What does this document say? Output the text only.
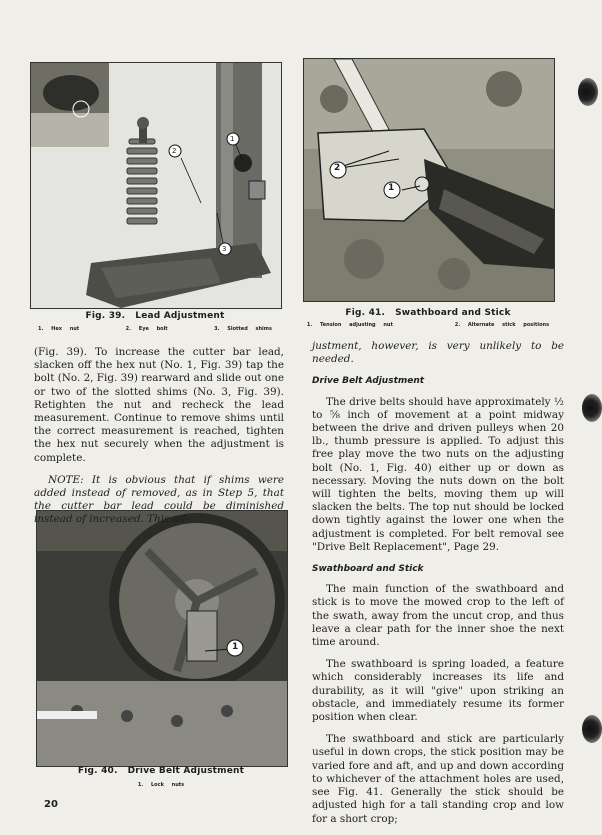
1
2
3
Fig. 39.   Lead Adjustment
1. Hex nut	2. Eye bolt	3. Slotted shims
2
1
Fig. 41.   Swathboard and Stick
1. Tension adjusting nut	2. Alternate stick positions
1
Fig. 40.   Drive Belt Adjustment
1. Lock nuts

(Fig. 39). To increase the cutter bar lead, slacken off the hex nut (No. 1, Fig. 39) tap the bolt (No. 2, Fig. 39) rearward and slide out one or two of the slotted shims (No. 3, Fig. 39). Retighten the nut and recheck the lead measurement. Continue to remove shims until the correct measurement is reached, tighten the hex nut securely when the adjustment is complete.

NOTE: It is obvious that if shims were added instead of removed, as in Step 5, that the cutter bar lead could be diminished instead of increased. This ad-

justment, however, is very unlikely to be needed.

Drive Belt Adjustment

The drive belts should have approximately ½ to ⅝ inch of movement at a point midway between the drive and driven pulleys when 20 lb., thumb pressure is applied. To adjust this free play move the two nuts on the adjusting bolt (No. 1, Fig. 40) either up or down as necessary. Moving the nuts down on the bolt will tighten the belts, moving them up will slacken the belts. The top nut should be locked down tightly against the lower one when the adjustment is completed. For belt removal see "Drive Belt Replacement", Page 29.

Swathboard and Stick

The main function of the swathboard and stick is to move the mowed crop to the left of the swath, away from the uncut crop, and thus leave a clear path for the inner shoe the next time around.

The swathboard is spring loaded, a feature which considerably increases its life and durability, as it will "give" upon striking an obstacle, and immediately resume its former position when clear.

The swathboard and stick are particularly useful in down crops, the stick position may be varied fore and aft, and up and down according to whichever of the attachment holes are used, see Fig. 41. Generally the stick should be adjusted high for a tall standing crop and low for a short crop;

20
